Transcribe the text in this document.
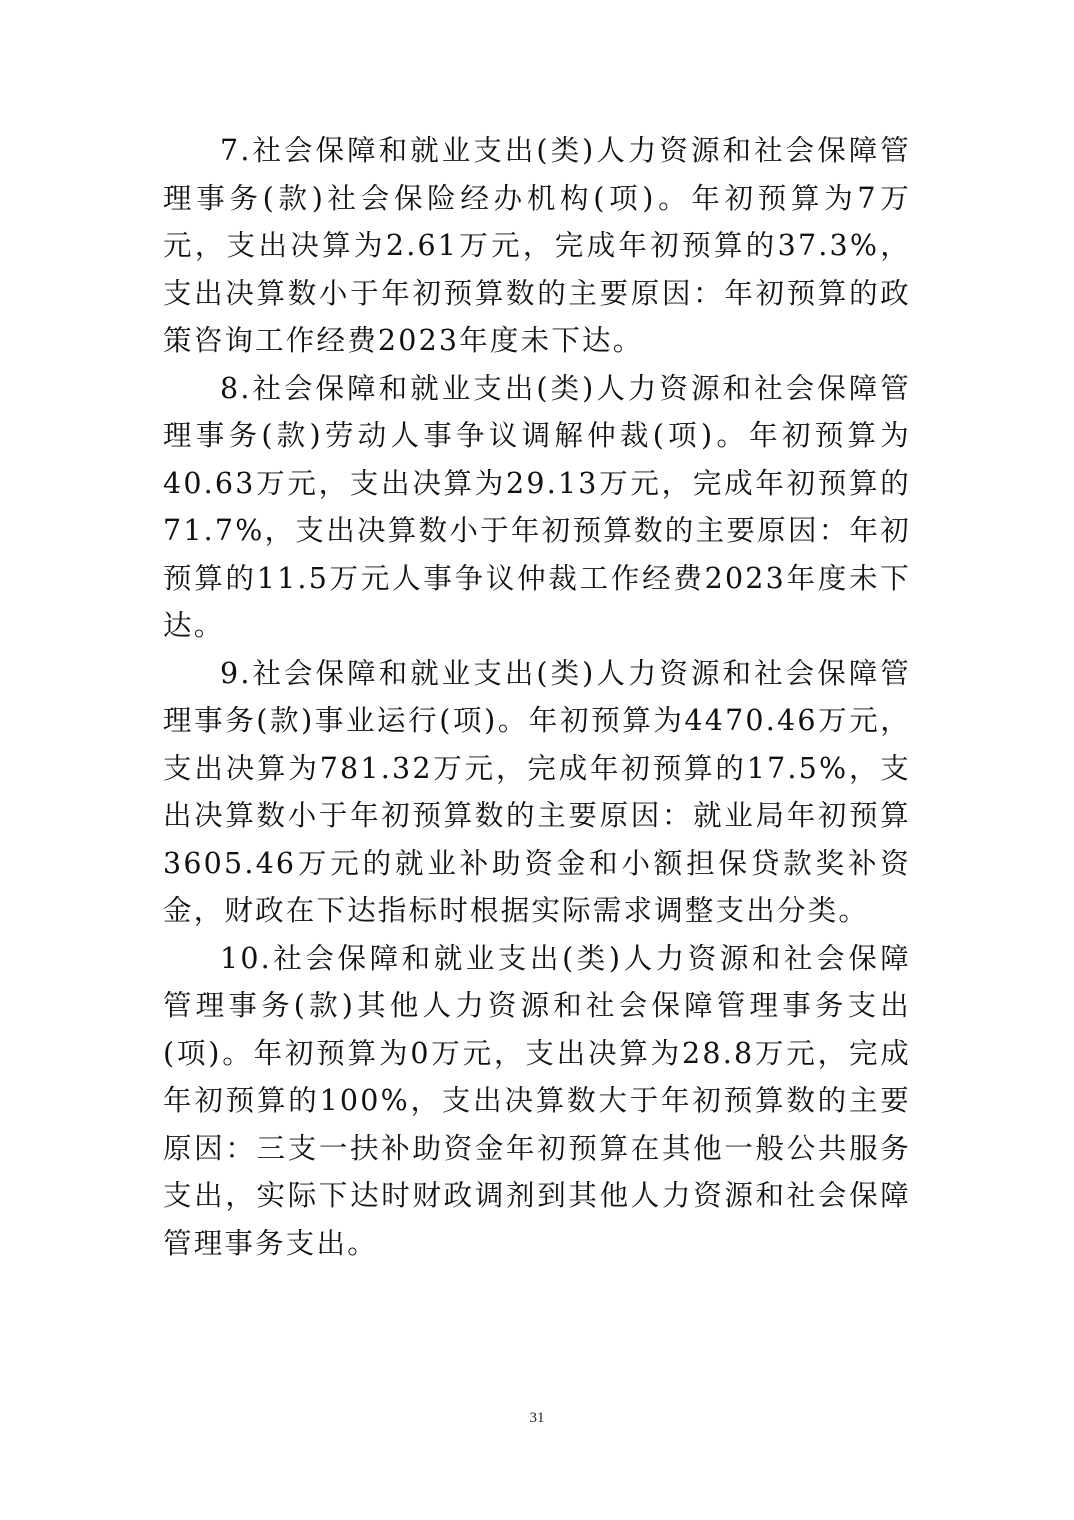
7.社会保障和就业支出(类)人力资源和社会保障管理事务(款)社会保险经办机构(项)。年初预算为7万元，支出决算为2.61万元，完成年初预算的37.3%，支出决算数小于年初预算数的主要原因：年初预算的政策咨询工作经费2023年度未下达。

8.社会保障和就业支出(类)人力资源和社会保障管理事务(款)劳动人事争议调解仲裁(项)。年初预算为40.63万元，支出决算为29.13万元，完成年初预算的71.7%，支出决算数小于年初预算数的主要原因：年初预算的11.5万元人事争议仲裁工作经费2023年度未下达。

9.社会保障和就业支出(类)人力资源和社会保障管理事务(款)事业运行(项)。年初预算为4470.46万元，支出决算为781.32万元，完成年初预算的17.5%，支出决算数小于年初预算数的主要原因：就业局年初预算3605.46万元的就业补助资金和小额担保贷款奖补资金，财政在下达指标时根据实际需求调整支出分类。

10.社会保障和就业支出(类)人力资源和社会保障管理事务(款)其他人力资源和社会保障管理事务支出(项)。年初预算为0万元，支出决算为28.8万元，完成年初预算的100%，支出决算数大于年初预算数的主要原因：三支一扶补助资金年初预算在其他一般公共服务支出，实际下达时财政调剂到其他人力资源和社会保障管理事务支出。

31
